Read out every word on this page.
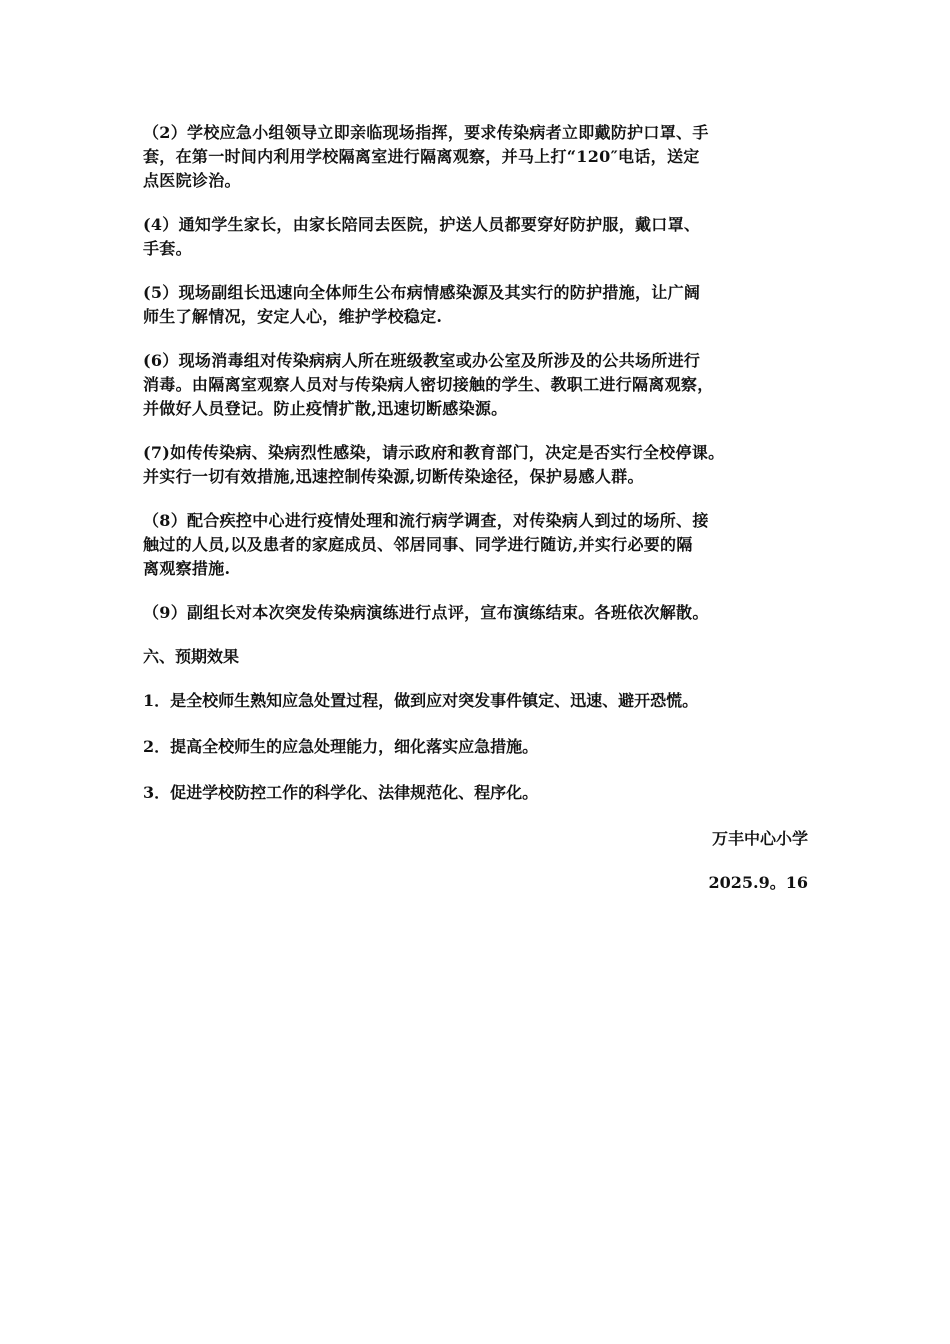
（2）学校应急小组领导立即亲临现场指挥，要求传染病者立即戴防护口罩、手
套，在第一时间内利用学校隔离室进行隔离观察，并马上打“120″电话，送定
点医院诊治。
(4）通知学生家长，由家长陪同去医院，护送人员都要穿好防护服，戴口罩、
手套。
(5）现场副组长迅速向全体师生公布病情感染源及其实行的防护措施，让广阔
师生了解情况，安定人心，维护学校稳定.
(6）现场消毒组对传染病病人所在班级教室或办公室及所涉及的公共场所进行
消毒。由隔离室观察人员对与传染病人密切接触的学生、教职工进行隔离观察，
并做好人员登记。防止疫情扩散,迅速切断感染源。
(7)如传传染病、染病烈性感染，请示政府和教育部门，决定是否实行全校停课。
并实行一切有效措施,迅速控制传染源,切断传染途径，保护易感人群。
（8）配合疾控中心进行疫情处理和流行病学调查，对传染病人到过的场所、接
触过的人员,以及患者的家庭成员、邻居同事、同学进行随访,并实行必要的隔
离观察措施.
（9）副组长对本次突发传染病演练进行点评，宣布演练结束。各班依次解散。
六、预期效果
1．是全校师生熟知应急处置过程，做到应对突发事件镇定、迅速、避开恐慌。
2．提高全校师生的应急处理能力，细化落实应急措施。
3．促进学校防控工作的科学化、法律规范化、程序化。
万丰中心小学
2025.9。16
